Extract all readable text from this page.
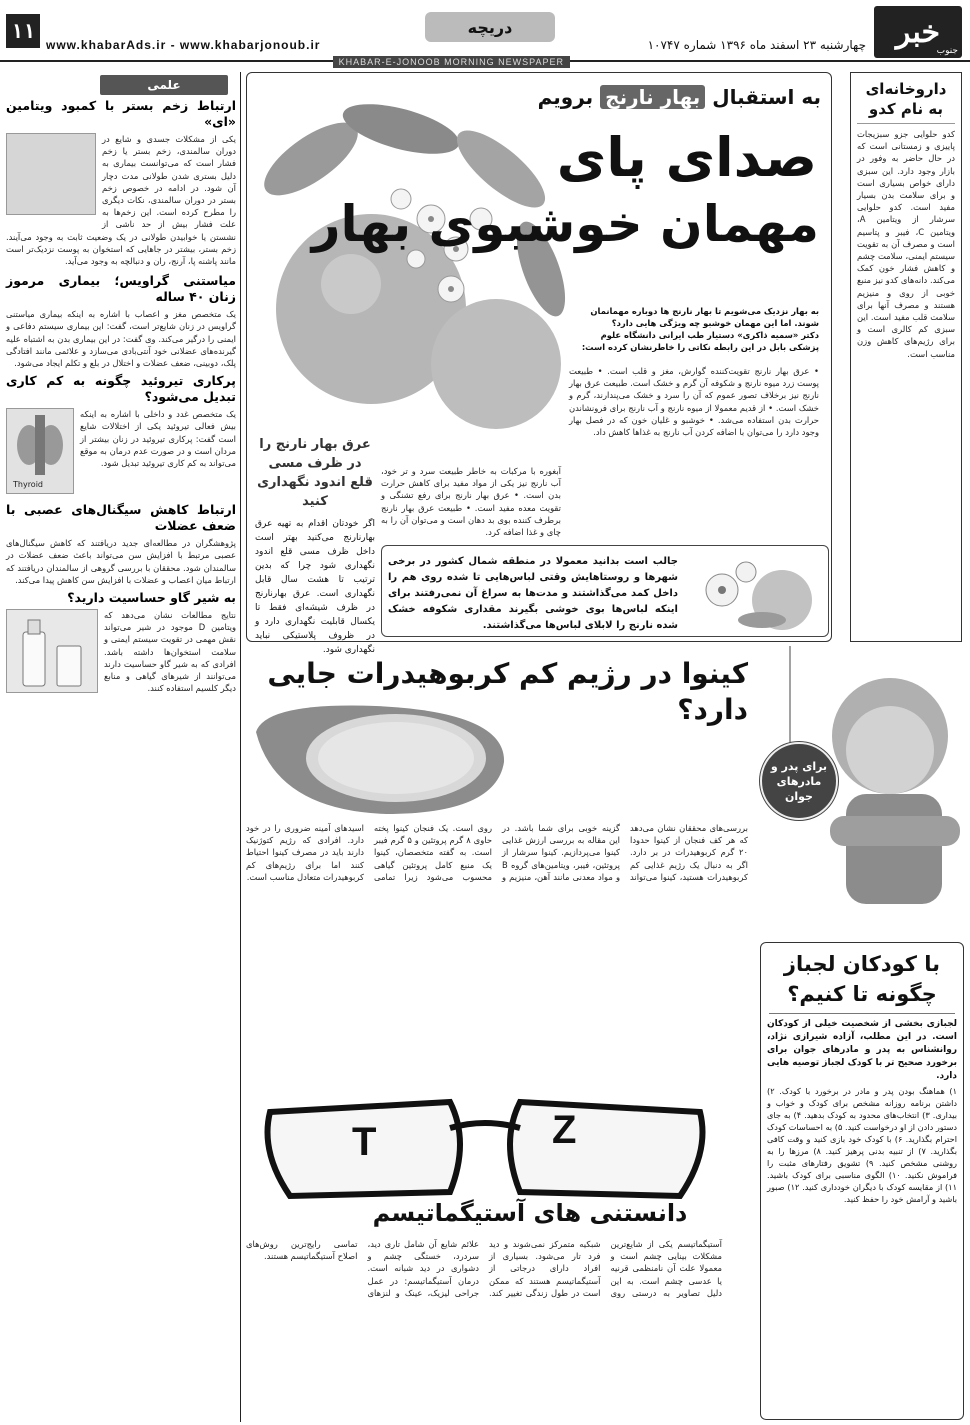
۱۱
www.khabarAds.ir - www.khabarjonoub.ir
دریچه	خبر
جنوب
چهارشنبه ۲۳ اسفند ماه ۱۳۹۶ شماره ۱۰۷۴۷
KHABAR-E-JONOOB MORNING NEWSPAPER
علمی
ارتباط زخم بستر با کمبود ویتامین «ای»

یکی از مشکلات جسدی و شایع در دوران سالمندی، زخم بستر یا زخم فشار است که می‌توانست بیماری به دلیل بستری شدن طولانی مدت دچار آن شود. در ادامه در خصوص زخم بستر در دوران سالمندی، نکات دیگری را مطرح کرده است. این زخم‌ها به علت فشار بیش از حد ناشی از نشستن یا خوابیدن طولانی در یک وضعیت ثابت به وجود می‌آیند. زخم بستر، بیشتر در جاهایی که استخوان به پوست نزدیک‌تر است مانند پاشنه پا، آرنج، ران و دنبالچه به وجود می‌آید.

میاستنی گراویس؛ بیماری مرموز زنان ۴۰ ساله

یک متخصص مغز و اعصاب با اشاره به اینکه بیماری میاستنی گراویس در زنان شایع‌تر است، گفت: این بیماری سیستم دفاعی و ایمنی را درگیر می‌کند. وی گفت: در این بیماری بدن به اشتباه علیه گیرنده‌های عضلانی خود آنتی‌بادی می‌سازد و علائمی مانند افتادگی پلک، دوبینی، ضعف عضلات و اختلال در بلع و تکلم ایجاد می‌شود.

پرکاری تیروئید چگونه به کم کاری تبدیل می‌شود؟
Thyroid

یک متخصص غدد و داخلی با اشاره به اینکه بیش فعالی تیروئید یکی از اختلالات شایع است گفت: پرکاری تیروئید در زنان بیشتر از مردان است و در صورت عدم درمان به موقع می‌تواند به کم کاری تیروئید تبدیل شود.

ارتباط کاهش سیگنال‌های عصبی با ضعف عضلات

پژوهشگران در مطالعه‌ای جدید دریافتند که کاهش سیگنال‌های عصبی مرتبط با افزایش سن می‌تواند باعث ضعف عضلات در سالمندان شود. محققان با بررسی گروهی از سالمندان دریافتند که ارتباط میان اعصاب و عضلات با افزایش سن کاهش پیدا می‌کند.

به شیر گاو حساسیت دارید؟

نتایج مطالعات نشان می‌دهد که ویتامین D موجود در شیر می‌تواند نقش مهمی در تقویت سیستم ایمنی و سلامت استخوان‌ها داشته باشد. افرادی که به شیر گاو حساسیت دارند می‌توانند از شیرهای گیاهی و منابع دیگر کلسیم استفاده کنند.

داروخانه‌ای به نام کدو
کدو حلوایی جزو سبزیجات پاییزی و زمستانی است که در حال حاضر به وفور در بازار وجود دارد. این سبزی دارای خواص بسیاری است و برای سلامت بدن بسیار مفید است. کدو حلوایی سرشار از ویتامین A، ویتامین C، فیبر و پتاسیم است و مصرف آن به تقویت سیستم ایمنی، سلامت چشم و کاهش فشار خون کمک می‌کند. دانه‌های کدو نیز منبع خوبی از روی و منیزیم هستند و مصرف آنها برای سلامت قلب مفید است. این سبزی کم کالری است و برای رژیم‌های کاهش وزن مناسب است.
به استقبال بهار نارنج برویم
صدای پای
مهمان خوشبوی بهار

به بهار نزدیک می‌شویم تا بهار نارنج ها دوباره مهمانمان شوند. اما این مهمان خوشبو چه ویژگی هایی دارد؟

دکتر «سمیه ذاکری» دستیار طب ایرانی دانشگاه علوم پزشکی بابل در این رابطه نکاتی را خاطرنشان کرده است:

• عرق بهار نارنج تقویت‌کننده گوارش، مغز و قلب است. • طبیعت پوست زرد میوه نارنج و شکوفه آن گرم و خشک است. طبیعت عرق بهار نارنج نیز برخلاف تصور عموم که آن را سرد و خشک می‌پندارند، گرم و خشک است. • از قدیم معمولا از میوه نارنج و آب نارنج برای فرونشاندن حرارت بدن استفاده می‌شد. • خوشبو و غلیان خون که در فصل بهار وجود دارد را می‌توان با اضافه کردن آب نارنج به غذاها کاهش داد.
آبغوره با مرکبات به خاطر طبیعت سرد و تر خود، آب نارنج نیز یکی از مواد مفید برای کاهش حرارت بدن است. • عرق بهار نارنج برای رفع تشنگی و تقویت معده مفید است. • طبیعت عرق بهار نارنج برطرف کننده بوی بد دهان است و می‌توان آن را به چای و غذا اضافه کرد.
عرق بهار نارنج را در ظرف مسی قلع اندود نگهداری کنید

اگر خودتان اقدام به تهیه عرق بهارنارنج می‌کنید بهتر است داخل ظرف مسی قلع اندود نگهداری شود چرا که بدین ترتیب تا هشت سال قابل نگهداری است. عرق بهارنارنج در ظرف شیشه‌ای فقط تا یکسال قابلیت نگهداری دارد و در ظروف پلاستیکی نباید نگهداری شود.

جالب است بدانید معمولا در منطقه شمال کشور در برخی شهرها و روستاهایش وقتی لباس‌هایی تا شده روی هم را داخل کمد می‌گذاشتند و مدت‌ها به سراغ آن نمی‌رفتند برای اینکه لباس‌ها بوی خوشی بگیرند مقداری شکوفه خشک شده نارنج را لابلای لباس‌ها می‌گذاشتند.
کینوا در رژیم کم کربوهیدرات جایی دارد؟
بررسی‌های محققان نشان می‌دهد که هر کف فنجان از کینوا حدودا ۲۰ گرم کربوهیدرات در بر دارد. اگر به دنبال یک رژیم غذایی کم کربوهیدرات هستید، کینوا می‌تواند گزینه خوبی برای شما باشد. در این مقاله به بررسی ارزش غذایی کینوا می‌پردازیم. کینوا سرشار از پروتئین، فیبر، ویتامین‌های گروه B و مواد معدنی مانند آهن، منیزیم و روی است. یک فنجان کینوا پخته حاوی ۸ گرم پروتئین و ۵ گرم فیبر است. به گفته متخصصان، کینوا یک منبع کامل پروتئین گیاهی محسوب می‌شود زیرا تمامی اسیدهای آمینه ضروری را در خود دارد. افرادی که رژیم کتوژنیک دارند باید در مصرف کینوا احتیاط کنند اما برای رژیم‌های کم کربوهیدرات متعادل مناسب است.
T	Z
دانستنی های آستیگماتیسم
آستیگماتیسم یکی از شایع‌ترین مشکلات بینایی چشم است و معمولا علت آن نامنظمی قرنیه یا عدسی چشم است. به این دلیل تصاویر به درستی روی شبکیه متمرکز نمی‌شوند و دید فرد تار می‌شود. بسیاری از افراد دارای درجاتی از آستیگماتیسم هستند که ممکن است در طول زندگی تغییر کند. علائم شایع آن شامل تاری دید، سردرد، خستگی چشم و دشواری در دید شبانه است. درمان آستیگماتیسم: در عمل جراحی لیزیک، عینک و لنزهای تماسی رایج‌ترین روش‌های اصلاح آستیگماتیسم هستند.
برای پدر و مادرهای جوان
با کودکان لجباز چگونه تا کنیم؟
لجبازی بخشی از شخصیت خیلی از کودکان است. در این مطلب، آزاده شیرازی نژاد، روانشناس به پدر و مادرهای جوان برای برخورد صحیح تر با کودک لجباز توصیه هایی دارد.
۱) هماهنگ بودن پدر و مادر در برخورد با کودک. ۲) داشتن برنامه روزانه مشخص برای کودک و خواب و بیداری. ۳) انتخاب‌های محدود به کودک بدهید. ۴) به جای دستور دادن از او درخواست کنید. ۵) به احساسات کودک احترام بگذارید. ۶) با کودک خود بازی کنید و وقت کافی بگذارید. ۷) از تنبیه بدنی پرهیز کنید. ۸) مرزها را به روشنی مشخص کنید. ۹) تشویق رفتارهای مثبت را فراموش نکنید. ۱۰) الگوی مناسبی برای کودک باشید. ۱۱) از مقایسه کودک با دیگران خودداری کنید. ۱۲) صبور باشید و آرامش خود را حفظ کنید.
